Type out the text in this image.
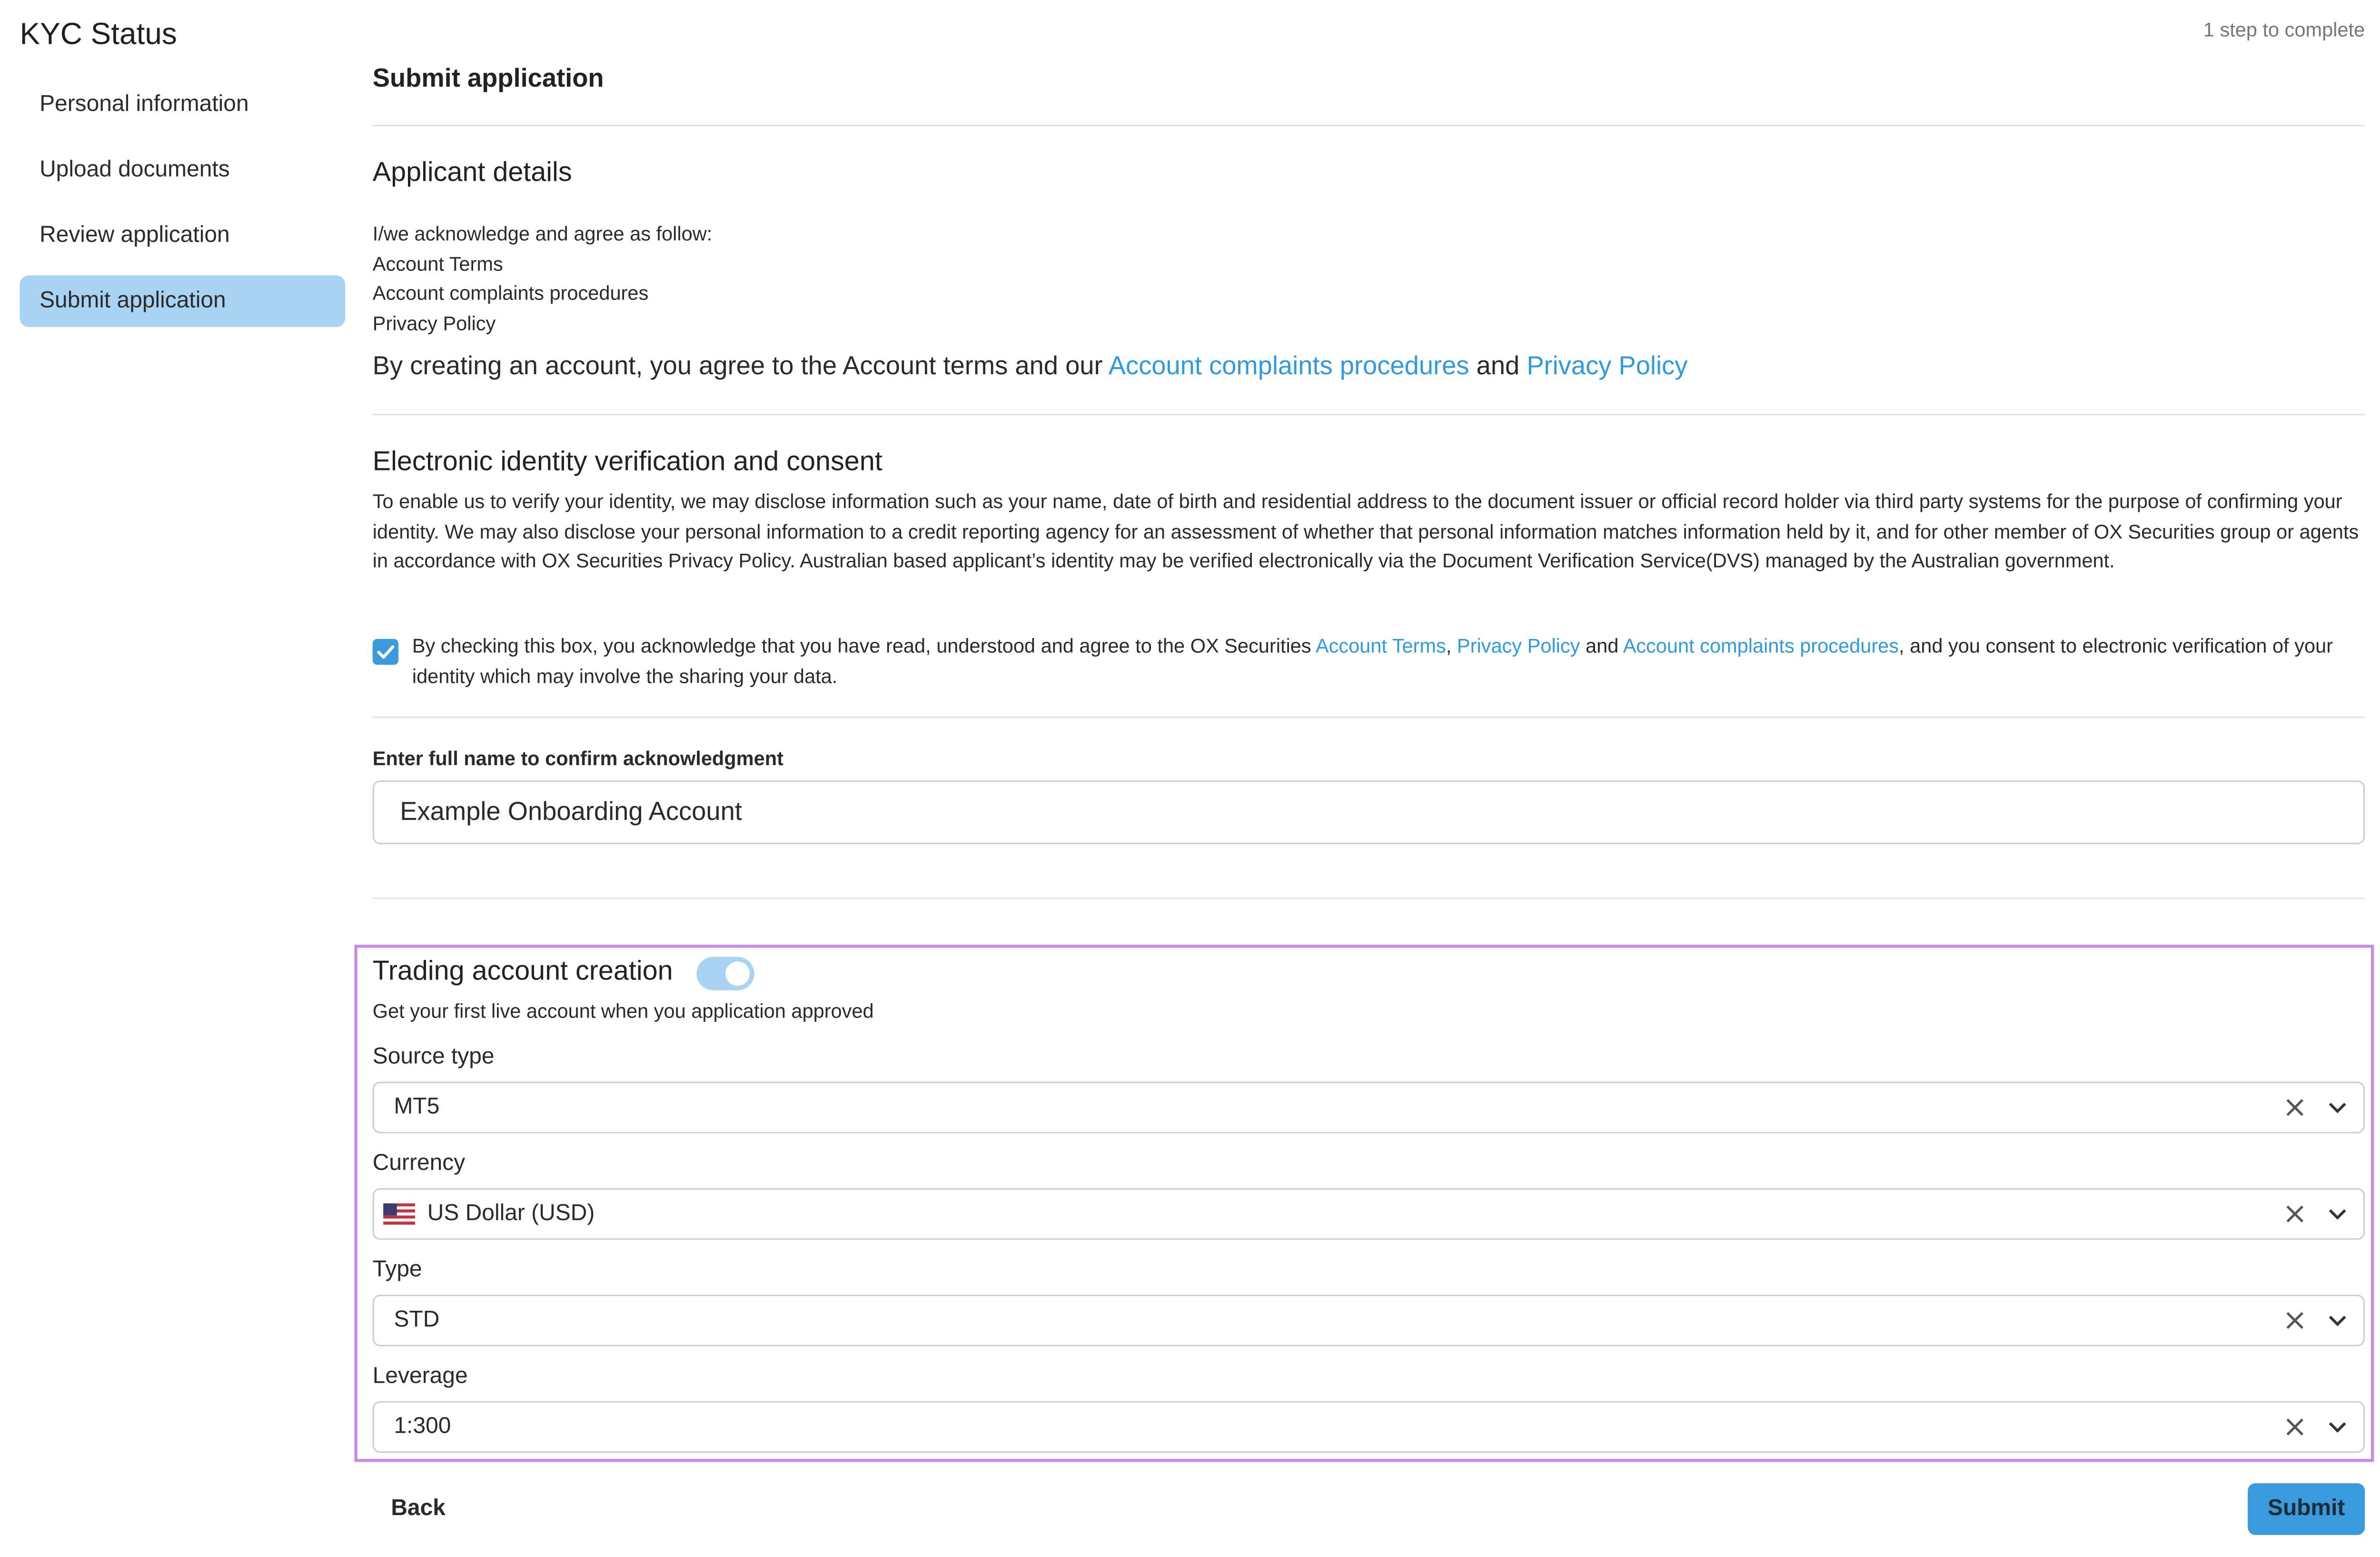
KYC Status
Personal information
Upload documents
Review application
Submit application
1 step to complete
Submit application
Applicant details
I/we acknowledge and agree as follow:
Account Terms
Account complaints procedures
Privacy Policy
By creating an account, you agree to the Account terms and our Account complaints procedures and Privacy Policy
Electronic identity verification and consent
To enable us to verify your identity, we may disclose information such as your name, date of birth and residential address to the document issuer or official record holder via third party systems for the purpose of confirming your identity. We may also disclose your personal information to a credit reporting agency for an assessment of whether that personal information matches information held by it, and for other member of OX Securities group or agents in accordance with OX Securities Privacy Policy. Australian based applicant’s identity may be verified electronically via the Document Verification Service(DVS) managed by the Australian government.
By checking this box, you acknowledge that you have read, understood and agree to the OX Securities Account Terms, Privacy Policy and Account complaints procedures, and you consent to electronic verification of your identity which may involve the sharing your data.
Enter full name to confirm acknowledgment
Example Onboarding Account
Trading account creation
Get your first live account when you application approved
Source type
MT5
Currency
US Dollar (USD)
Type
STD
Leverage
1:300
Back	Submit
